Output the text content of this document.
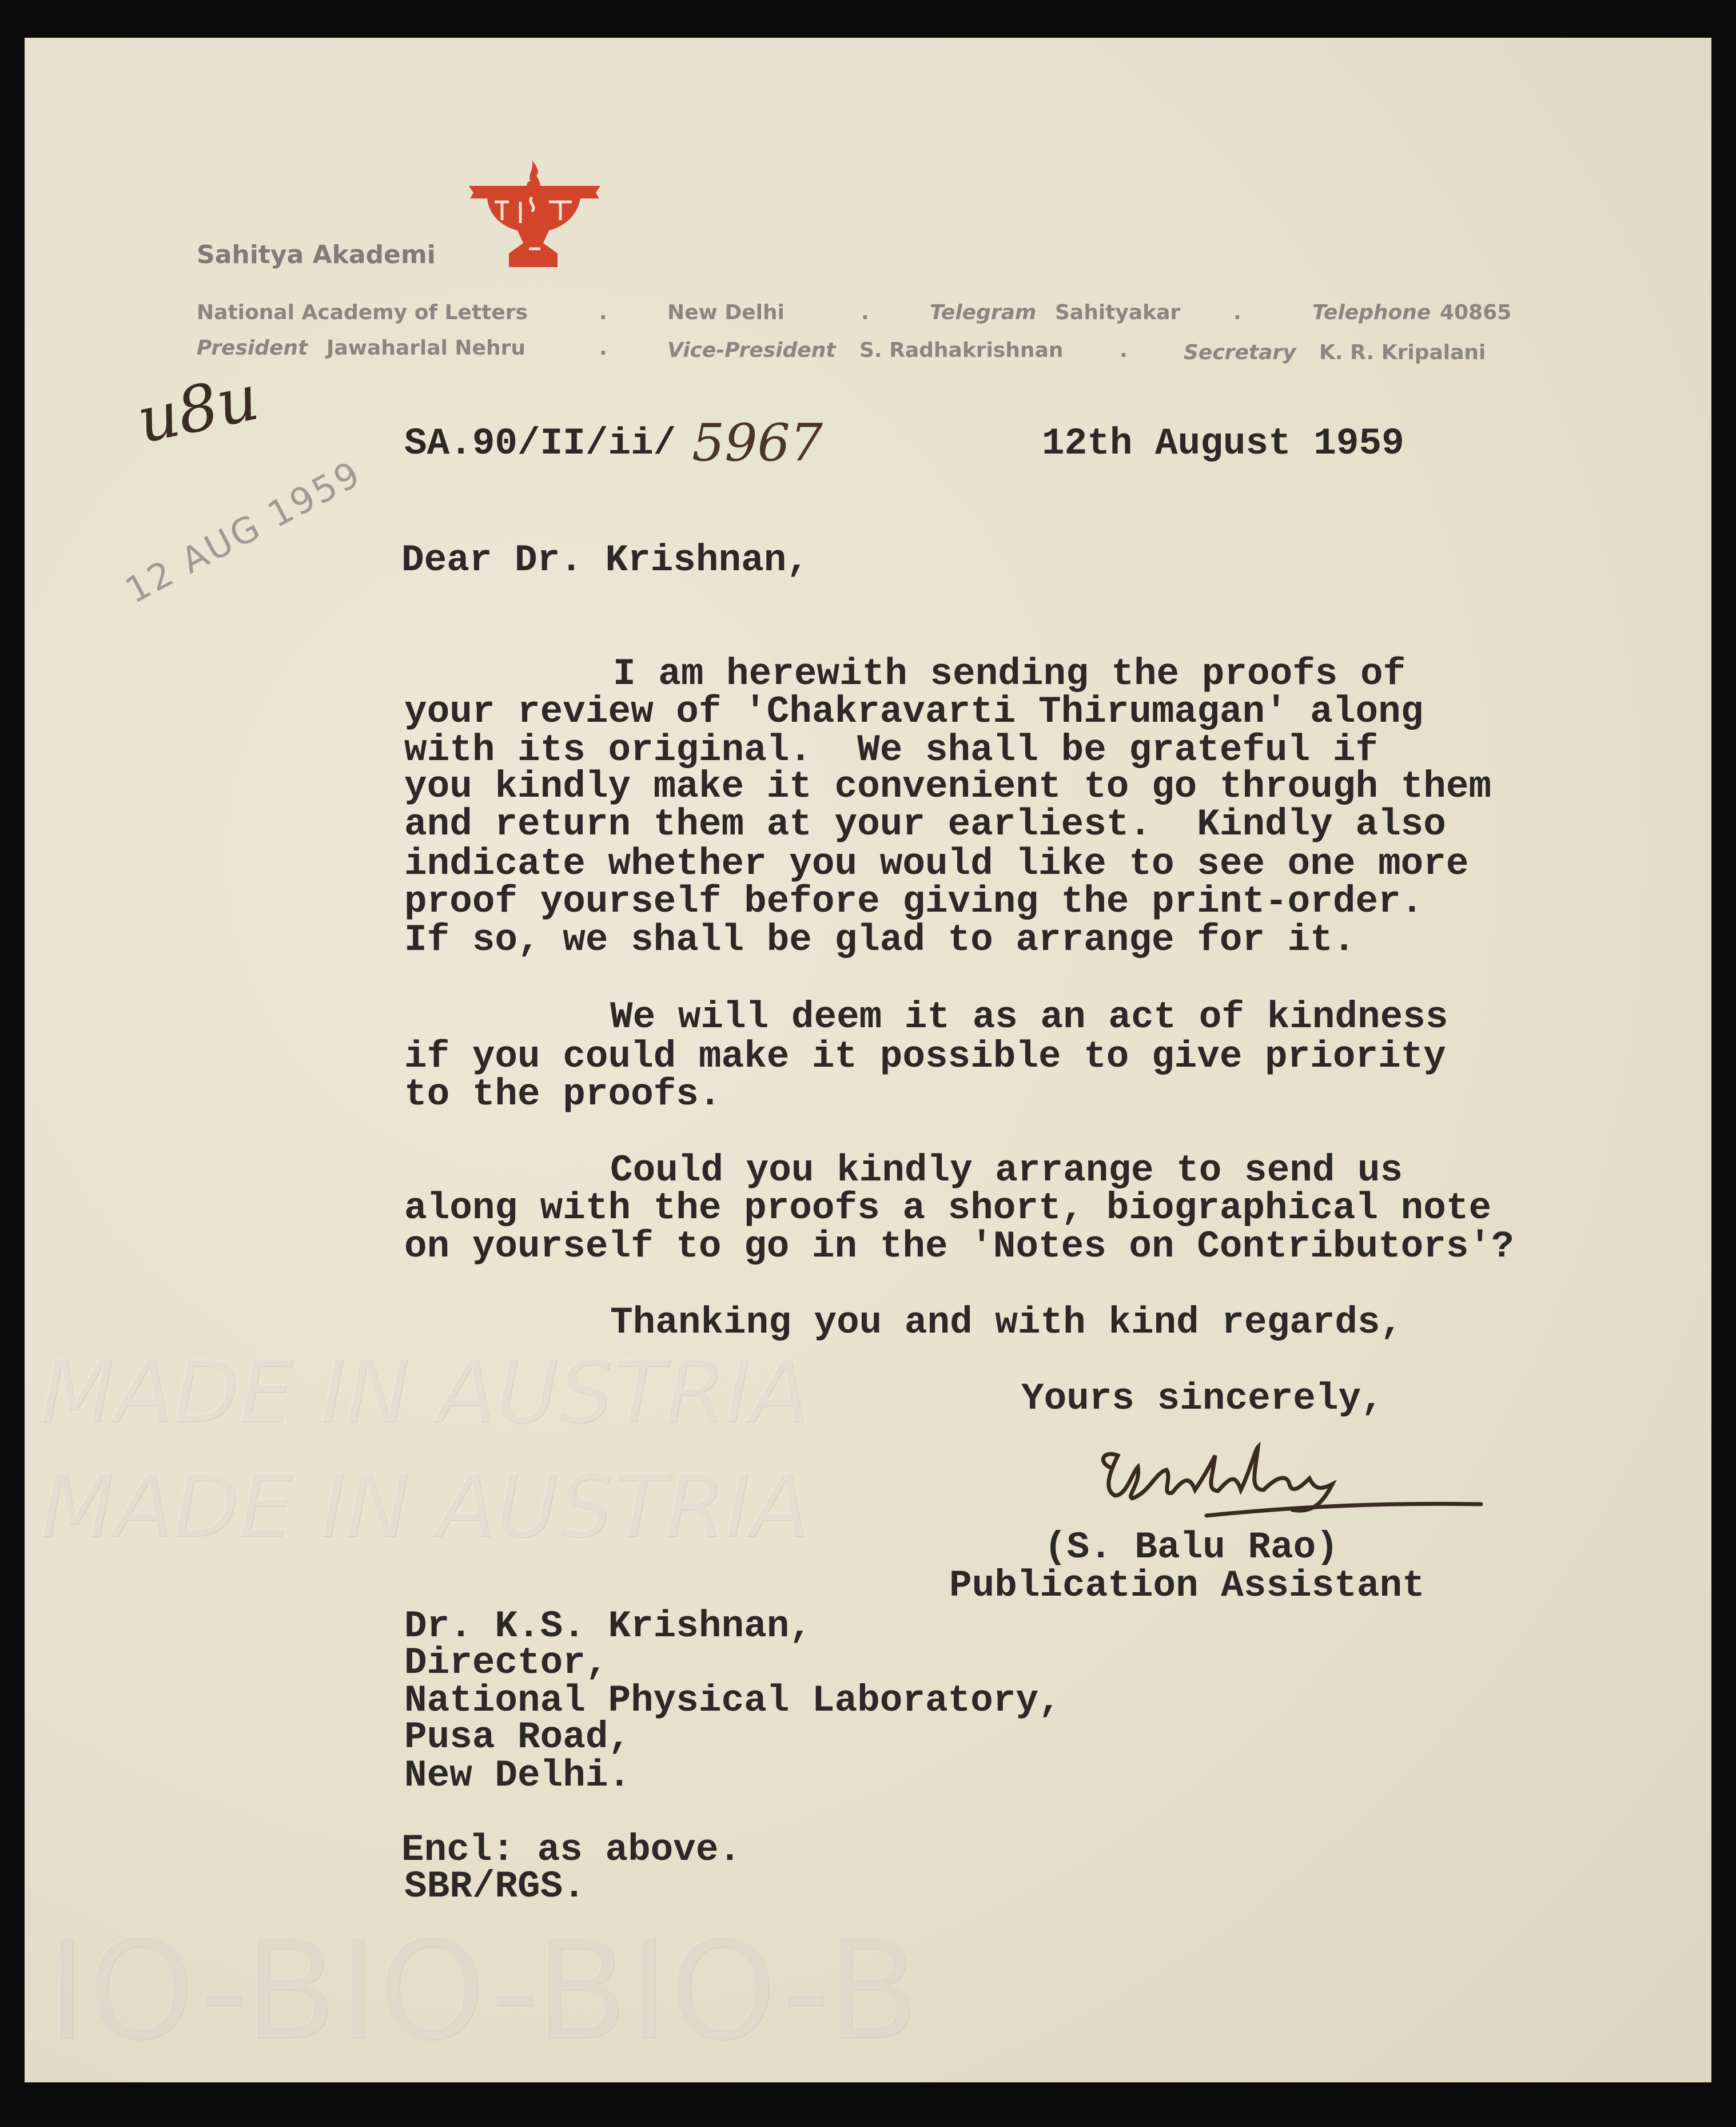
MADE IN AUSTRIA
MADE IN AUSTRIA
IO-BIO-BIO-B
Sahitya Akademi
National Academy of Letters	.	New Delhi	.	Telegram Sahityakar	.	Telephone 40865
President Jawaharlal Nehru	.	Vice-President S. Radhakrishnan	.	Secretary K. R. Kripalani
u8u
12 AUG 1959
SA.90/II/ii/ 5967	12th August 1959
Dear Dr. Krishnan,
I am herewith sending the proofs of
your review of 'Chakravarti Thirumagan' along
with its original.  We shall be grateful if
you kindly make it convenient to go through them
and return them at your earliest.  Kindly also
indicate whether you would like to see one more
proof yourself before giving the print-order.
If so, we shall be glad to arrange for it.
We will deem it as an act of kindness
if you could make it possible to give priority
to the proofs.
Could you kindly arrange to send us
along with the proofs a short, biographical note
on yourself to go in the 'Notes on Contributors'?
Thanking you and with kind regards,
Yours sincerely,
(S. Balu Rao)
Publication Assistant
Dr. K.S. Krishnan,
Director,
National Physical Laboratory,
Pusa Road,
New Delhi.
Encl: as above.
SBR/RGS.
